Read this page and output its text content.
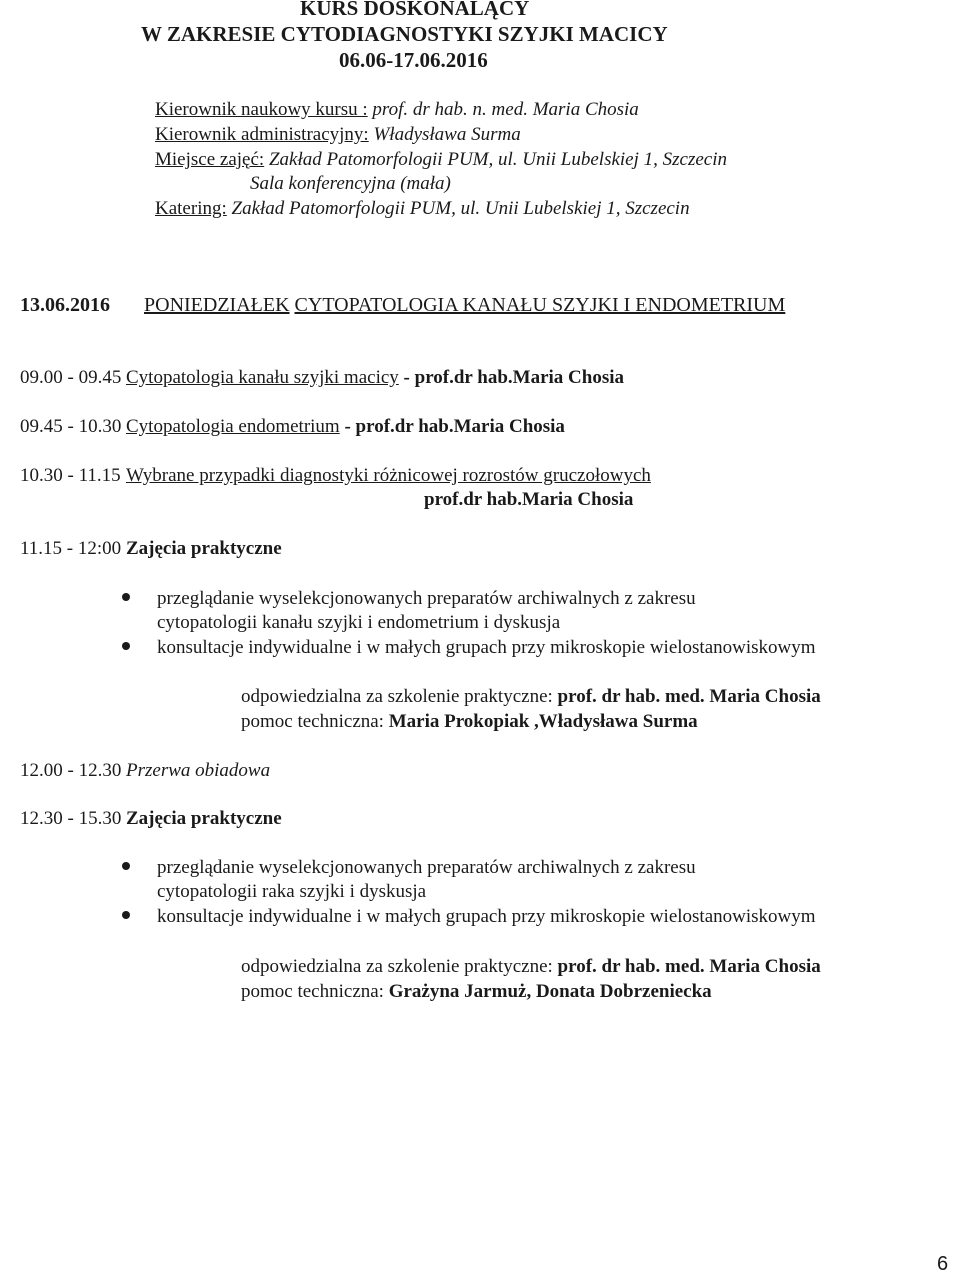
KURS DOSKONALĄCY
W ZAKRESIE CYTODIAGNOSTYKI SZYJKI MACICY
06.06-17.06.2016
Kierownik naukowy kursu : prof. dr hab. n. med. Maria Chosia
Kierownik administracyjny: Władysława Surma
Miejsce zajęć: Zakład Patomorfologii PUM, ul. Unii Lubelskiej 1, Szczecin
Sala konferencyjna (mała)
Katering: Zakład Patomorfologii PUM, ul. Unii Lubelskiej 1, Szczecin
13.06.2016 PONIEDZIAŁEK CYTOPATOLOGIA KANAŁU SZYJKI I ENDOMETRIUM
09.00 - 09.45 Cytopatologia kanału szyjki macicy - prof.dr hab.Maria Chosia
09.45 - 10.30 Cytopatologia endometrium - prof.dr hab.Maria Chosia
10.30 - 11.15 Wybrane przypadki diagnostyki różnicowej rozrostów gruczołowych
prof.dr hab.Maria Chosia
11.15 - 12:00 Zajęcia praktyczne
przeglądanie wyselekcjonowanych preparatów archiwalnych z zakresu
cytopatologii kanału szyjki i endometrium i dyskusja
konsultacje indywidualne i w małych grupach przy mikroskopie wielostanowiskowym
odpowiedzialna za szkolenie praktyczne: prof. dr hab. med. Maria Chosia
pomoc techniczna: Maria Prokopiak ,Władysława Surma
12.00 - 12.30 Przerwa obiadowa
12.30 - 15.30 Zajęcia praktyczne
przeglądanie wyselekcjonowanych preparatów archiwalnych z zakresu
cytopatologii raka szyjki i dyskusja
konsultacje indywidualne i w małych grupach przy mikroskopie wielostanowiskowym
odpowiedzialna za szkolenie praktyczne: prof. dr hab. med. Maria Chosia
pomoc techniczna: Grażyna Jarmuż, Donata Dobrzeniecka
6
